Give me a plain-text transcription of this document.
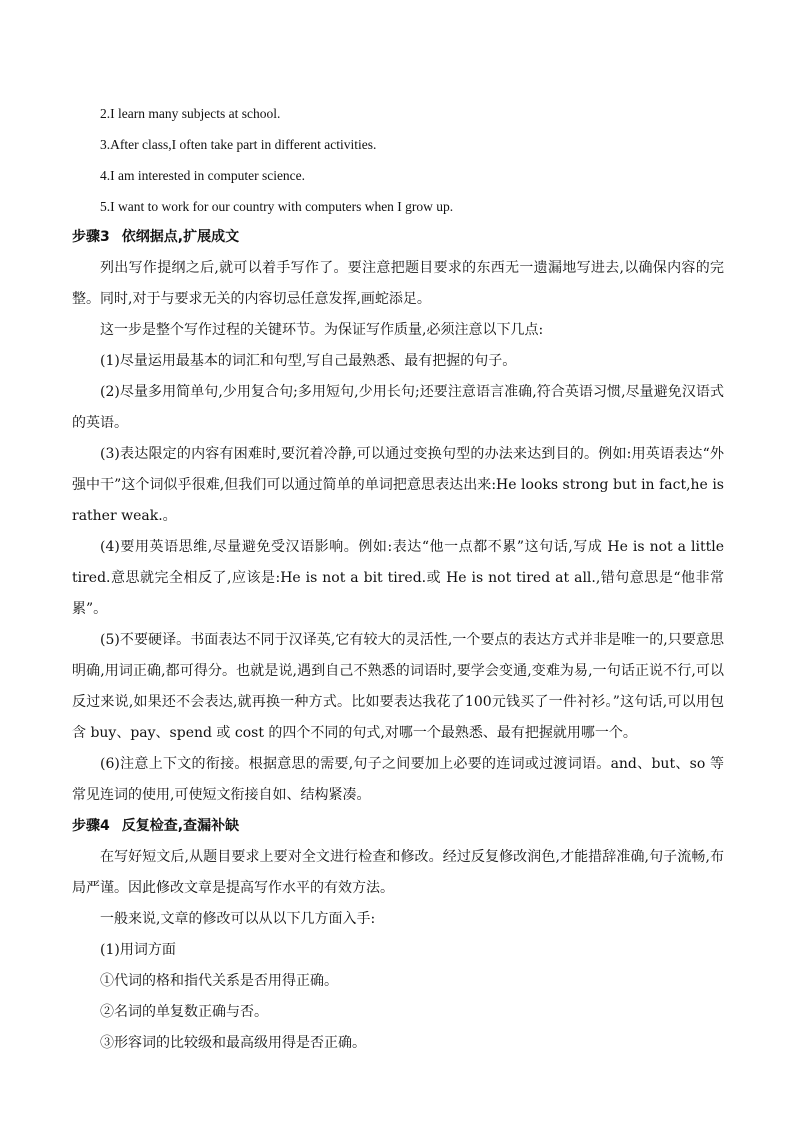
2.I learn many subjects at school.

3.After class,I often take part in different activities.

4.I am interested in computer science.

5.I want to work for our country with computers when I grow up.

步骤3 依纲据点,扩展成文

列出写作提纲之后,就可以着手写作了。要注意把题目要求的东西无一遗漏地写进去,以确保内容的完整。同时,对于与要求无关的内容切忌任意发挥,画蛇添足。

这一步是整个写作过程的关键环节。为保证写作质量,必须注意以下几点:

(1)尽量运用最基本的词汇和句型,写自己最熟悉、最有把握的句子。

(2)尽量多用简单句,少用复合句;多用短句,少用长句;还要注意语言准确,符合英语习惯,尽量避免汉语式的英语。

(3)表达限定的内容有困难时,要沉着冷静,可以通过变换句型的办法来达到目的。例如:用英语表达“外强中干”这个词似乎很难,但我们可以通过简单的单词把意思表达出来:He looks strong but in fact,he is rather weak.。

(4)要用英语思维,尽量避免受汉语影响。例如:表达“他一点都不累”这句话,写成 He is not a little tired.意思就完全相反了,应该是:He is not a bit tired.或 He is not tired at all.,错句意思是“他非常累”。

(5)不要硬译。书面表达不同于汉译英,它有较大的灵活性,一个要点的表达方式并非是唯一的,只要意思明确,用词正确,都可得分。也就是说,遇到自己不熟悉的词语时,要学会变通,变难为易,一句话正说不行,可以反过来说,如果还不会表达,就再换一种方式。比如要表达我花了100元钱买了一件衬衫。”这句话,可以用包含 buy、pay、spend 或 cost 的四个不同的句式,对哪一个最熟悉、最有把握就用哪一个。

(6)注意上下文的衔接。根据意思的需要,句子之间要加上必要的连词或过渡词语。and、but、so 等常见连词的使用,可使短文衔接自如、结构紧凑。

步骤4 反复检查,查漏补缺

在写好短文后,从题目要求上要对全文进行检查和修改。经过反复修改润色,才能措辞准确,句子流畅,布局严谨。因此修改文章是提高写作水平的有效方法。

一般来说,文章的修改可以从以下几方面入手:

(1)用词方面

①代词的格和指代关系是否用得正确。

②名词的单复数正确与否。

③形容词的比较级和最高级用得是否正确。
